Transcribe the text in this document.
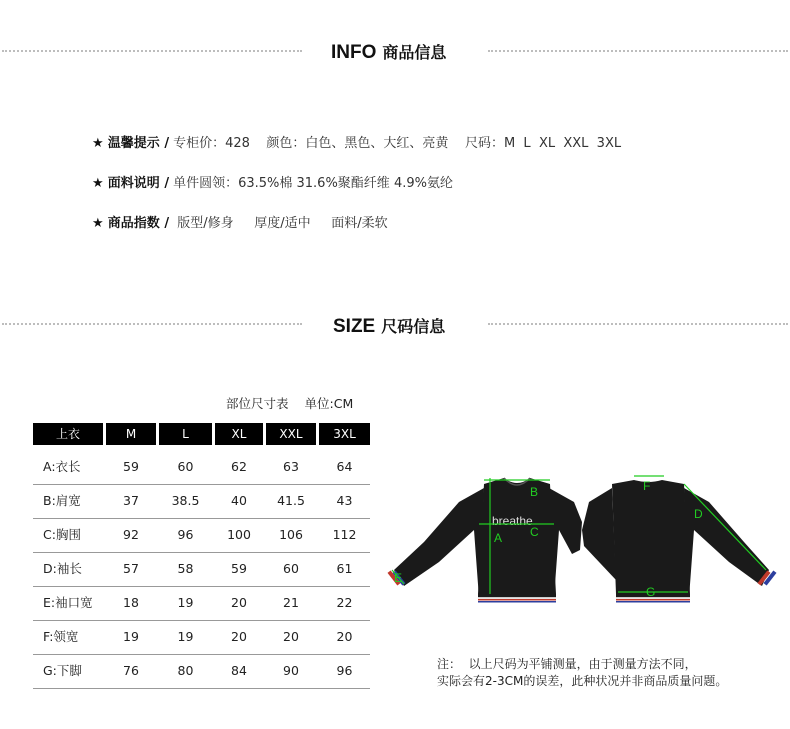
INFO 商品信息
★ 温馨提示 / 专柜价：428    颜色：白色、黑色、大红、亮黄    尺码：M  L  XL  XXL  3XL
★ 面料说明 / 单件圆领：63.5%棉 31.6%聚酯纤维 4.9%氨纶
★ 商品指数 / 版型/修身     厚度/适中     面料/柔软
SIZE 尺码信息
部位尺寸表 单位:CM
上衣	M	L	XL	XXL	3XL
A:衣长	59	60	62	63	64
B:肩宽	37	38.5	40	41.5	43
C:胸围	92	96	100	106	112
D:袖长	57	58	59	60	61
E:袖口宽	18	19	20	21	22
F:领宽	19	19	20	20	20
G:下脚	76	80	84	90	96
breathe
A
B
C
D
E
F
G
注：  以上尺码为平铺测量，由于测量方法不同，
实际会有2-3CM的误差，此种状况并非商品质量问题。
